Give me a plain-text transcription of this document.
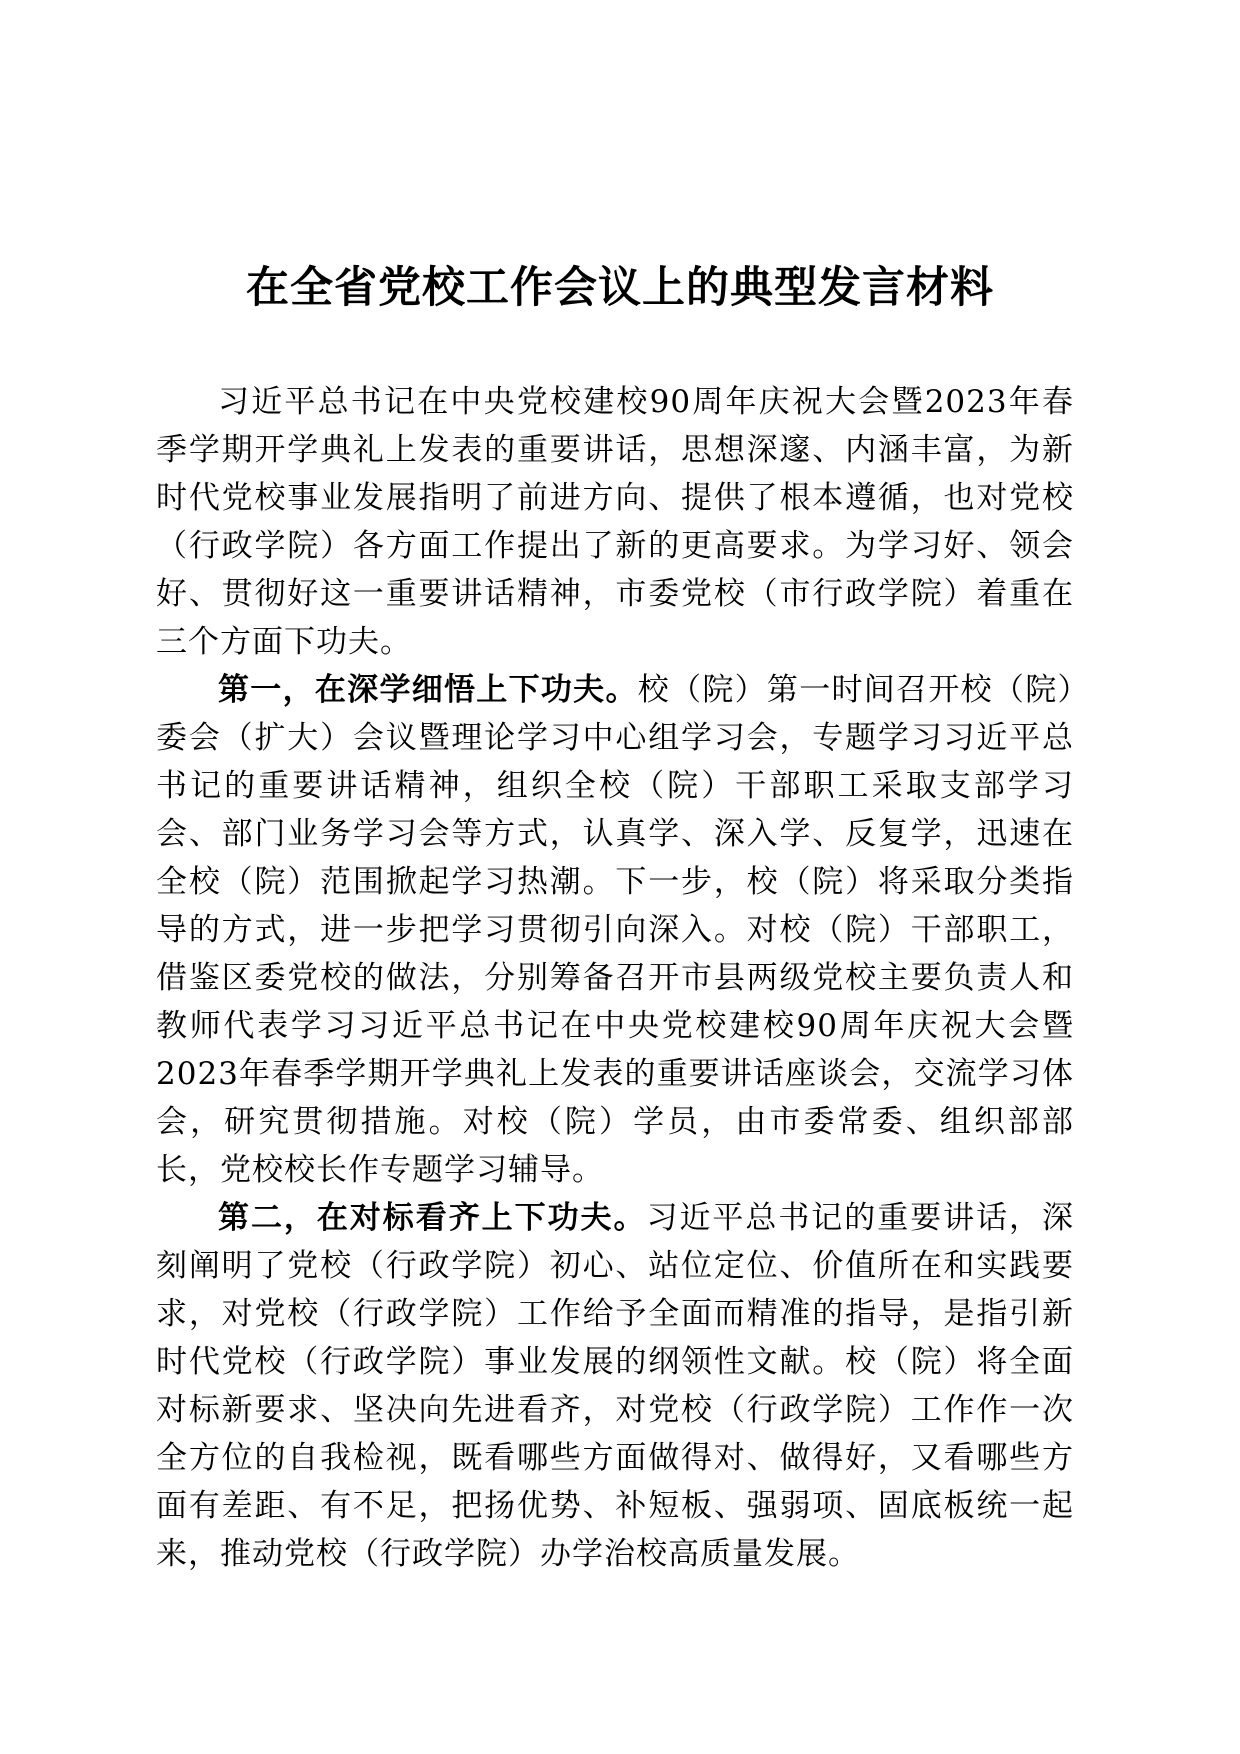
在全省党校工作会议上的典型发言材料

习近平总书记在中央党校建校90周年庆祝大会暨2023年春季学期开学典礼上发表的重要讲话，思想深邃、内涵丰富，为新时代党校事业发展指明了前进方向、提供了根本遵循，也对党校（行政学院）各方面工作提出了新的更高要求。为学习好、领会好、贯彻好这一重要讲话精神，市委党校（市行政学院）着重在三个方面下功夫。

第一，在深学细悟上下功夫。校（院）第一时间召开校（院）委会（扩大）会议暨理论学习中心组学习会，专题学习习近平总书记的重要讲话精神，组织全校（院）干部职工采取支部学习会、部门业务学习会等方式，认真学、深入学、反复学，迅速在全校（院）范围掀起学习热潮。下一步，校（院）将采取分类指导的方式，进一步把学习贯彻引向深入。对校（院）干部职工，借鉴区委党校的做法，分别筹备召开市县两级党校主要负责人和教师代表学习习近平总书记在中央党校建校90周年庆祝大会暨2023年春季学期开学典礼上发表的重要讲话座谈会，交流学习体会，研究贯彻措施。对校（院）学员，由市委常委、组织部部长，党校校长作专题学习辅导。

第二，在对标看齐上下功夫。习近平总书记的重要讲话，深刻阐明了党校（行政学院）初心、站位定位、价值所在和实践要求，对党校（行政学院）工作给予全面而精准的指导，是指引新时代党校（行政学院）事业发展的纲领性文献。校（院）将全面对标新要求、坚决向先进看齐，对党校（行政学院）工作作一次全方位的自我检视，既看哪些方面做得对、做得好，又看哪些方面有差距、有不足，把扬优势、补短板、强弱项、固底板统一起来，推动党校（行政学院）办学治校高质量发展。
